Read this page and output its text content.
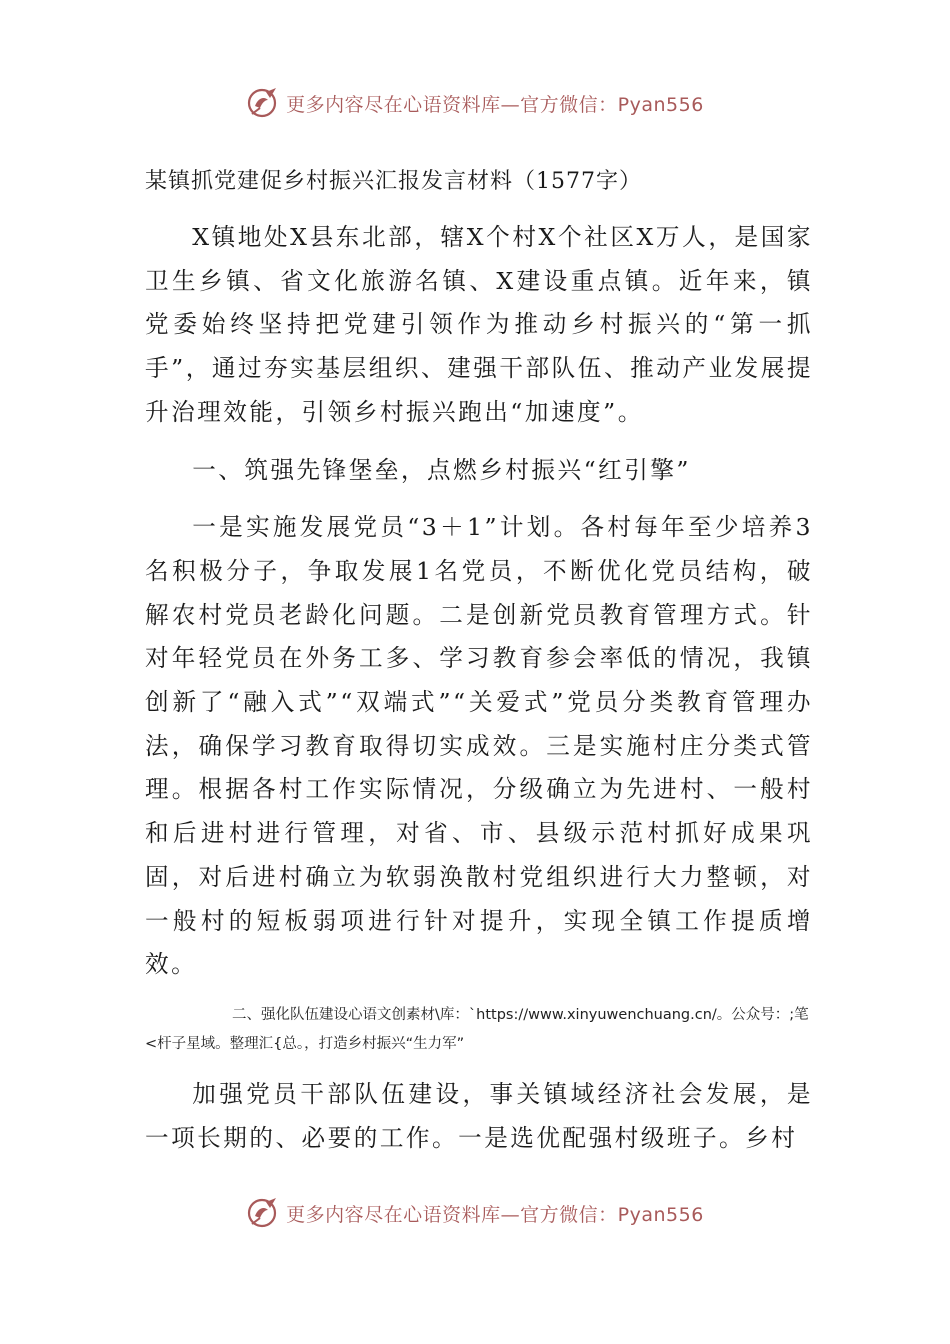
更多内容尽在心语资料库—官方微信：Pyan556
某镇抓党建促乡村振兴汇报发言材料（1577字）

X镇地处X县东北部，辖X个村X个社区X万人，是国家卫生乡镇、省文化旅游名镇、X建设重点镇。近年来，镇党委始终坚持把党建引领作为推动乡村振兴的“第一抓手”，通过夯实基层组织、建强干部队伍、推动产业发展提升治理效能，引领乡村振兴跑出“加速度”。

一、筑强先锋堡垒，点燃乡村振兴“红引擎”

一是实施发展党员“3＋1”计划。各村每年至少培养3名积极分子，争取发展1名党员，不断优化党员结构，破解农村党员老龄化问题。二是创新党员教育管理方式。针对年轻党员在外务工多、学习教育参会率低的情况，我镇创新了“融入式”“双端式”“关爱式”党员分类教育管理办法，确保学习教育取得切实成效。三是实施村庄分类式管理。根据各村工作实际情况，分级确立为先进村、一般村和后进村进行管理，对省、市、县级示范村抓好成果巩固，对后进村确立为软弱涣散村党组织进行大力整顿，对一般村的短板弱项进行针对提升，实现全镇工作提质增效。

二、强化队伍建设心语文创素材\库：`https://www.xinyuwenchuang.cn/。公众号：;笔<杆子星域。整理汇{总。，打造乡村振兴“生力军”

加强党员干部队伍建设，事关镇域经济社会发展，是一项长期的、必要的工作。一是选优配强村级班子。乡村

更多内容尽在心语资料库—官方微信：Pyan556
